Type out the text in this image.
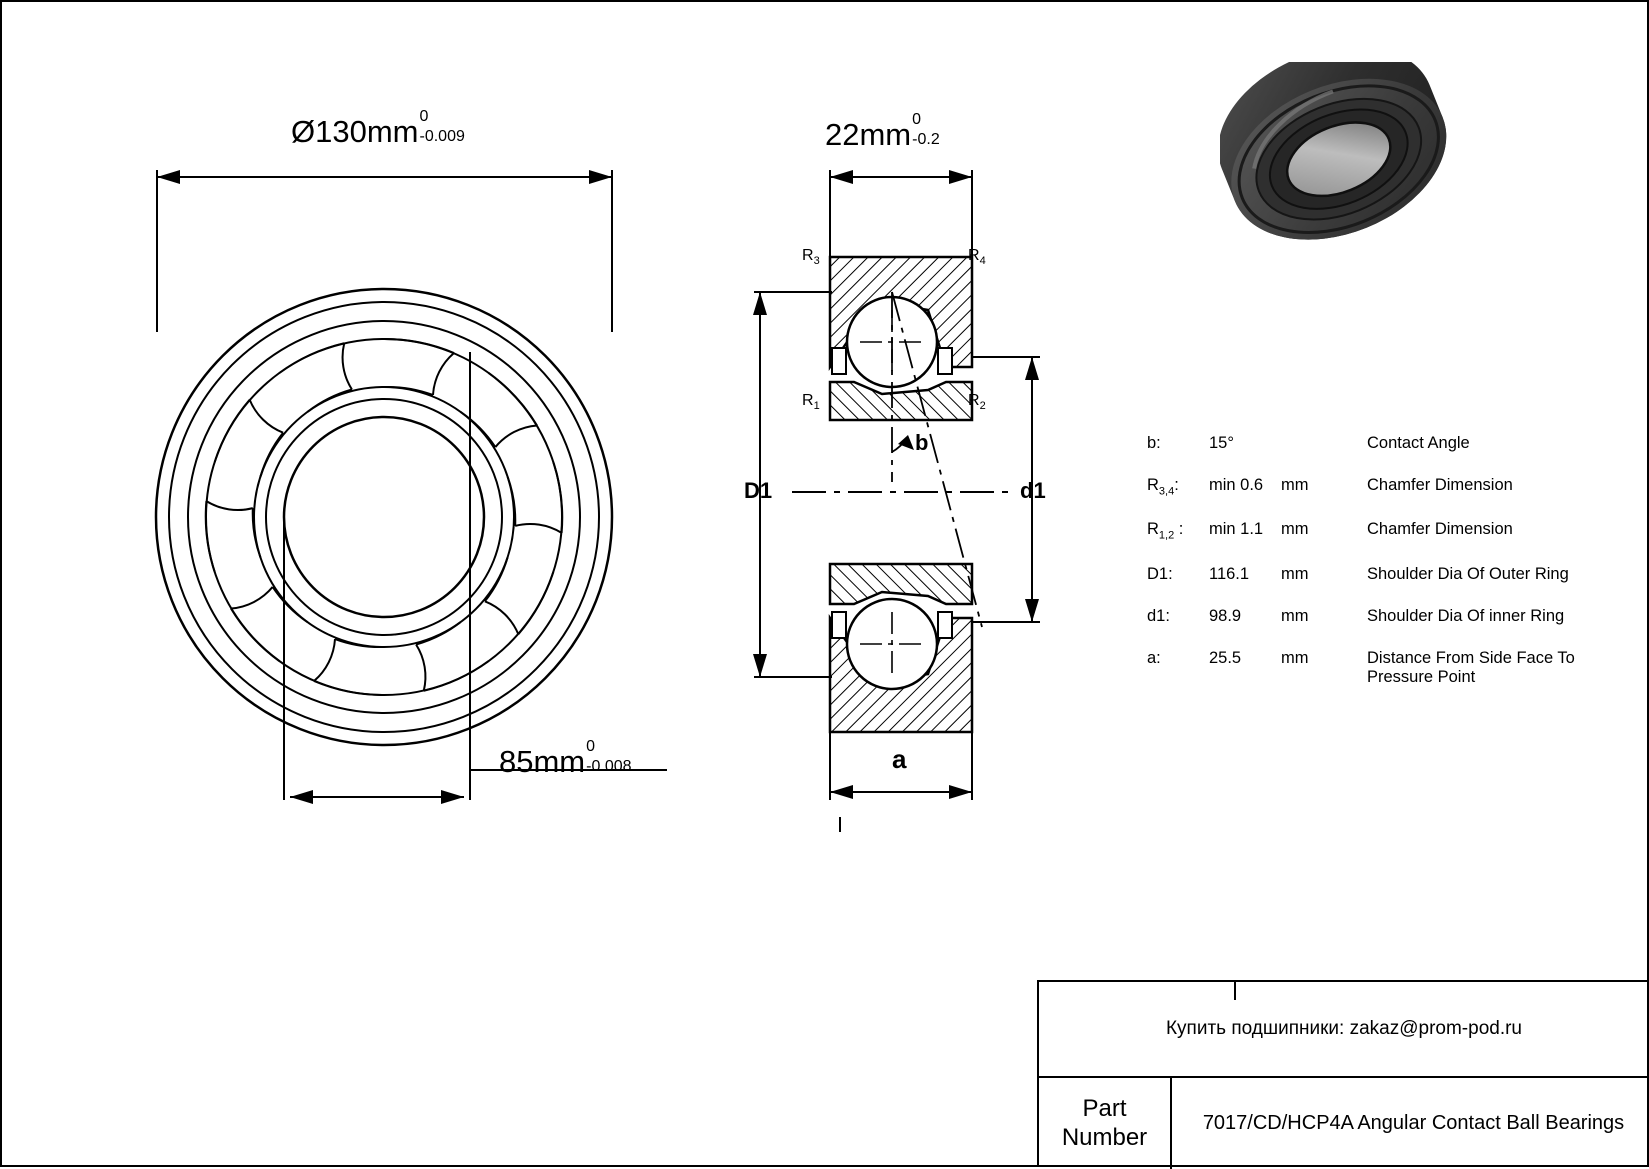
Ø130mm 0
-0.009
85mm 0
-0.008
22mm 0
-0.2
$R_3$	$R_4$
$R_1$	$R_2$
D1	d1
b
a
b:	15°		Contact Angle
$R_{3,4}$:	min 0.6	mm	Chamfer Dimension
$R_{1,2}$ :	min 1.1	mm	Chamfer Dimension
D1:	116.1	mm	Shoulder Dia Of Outer Ring
d1:	98.9	mm	Shoulder Dia Of inner Ring
a:	25.5	mm	Distance From Side Face To Pressure Point
Купить подшипники: zakaz@prom-pod.ru
Part
Number
7017/CD/HCP4A Angular Contact Ball Bearings
